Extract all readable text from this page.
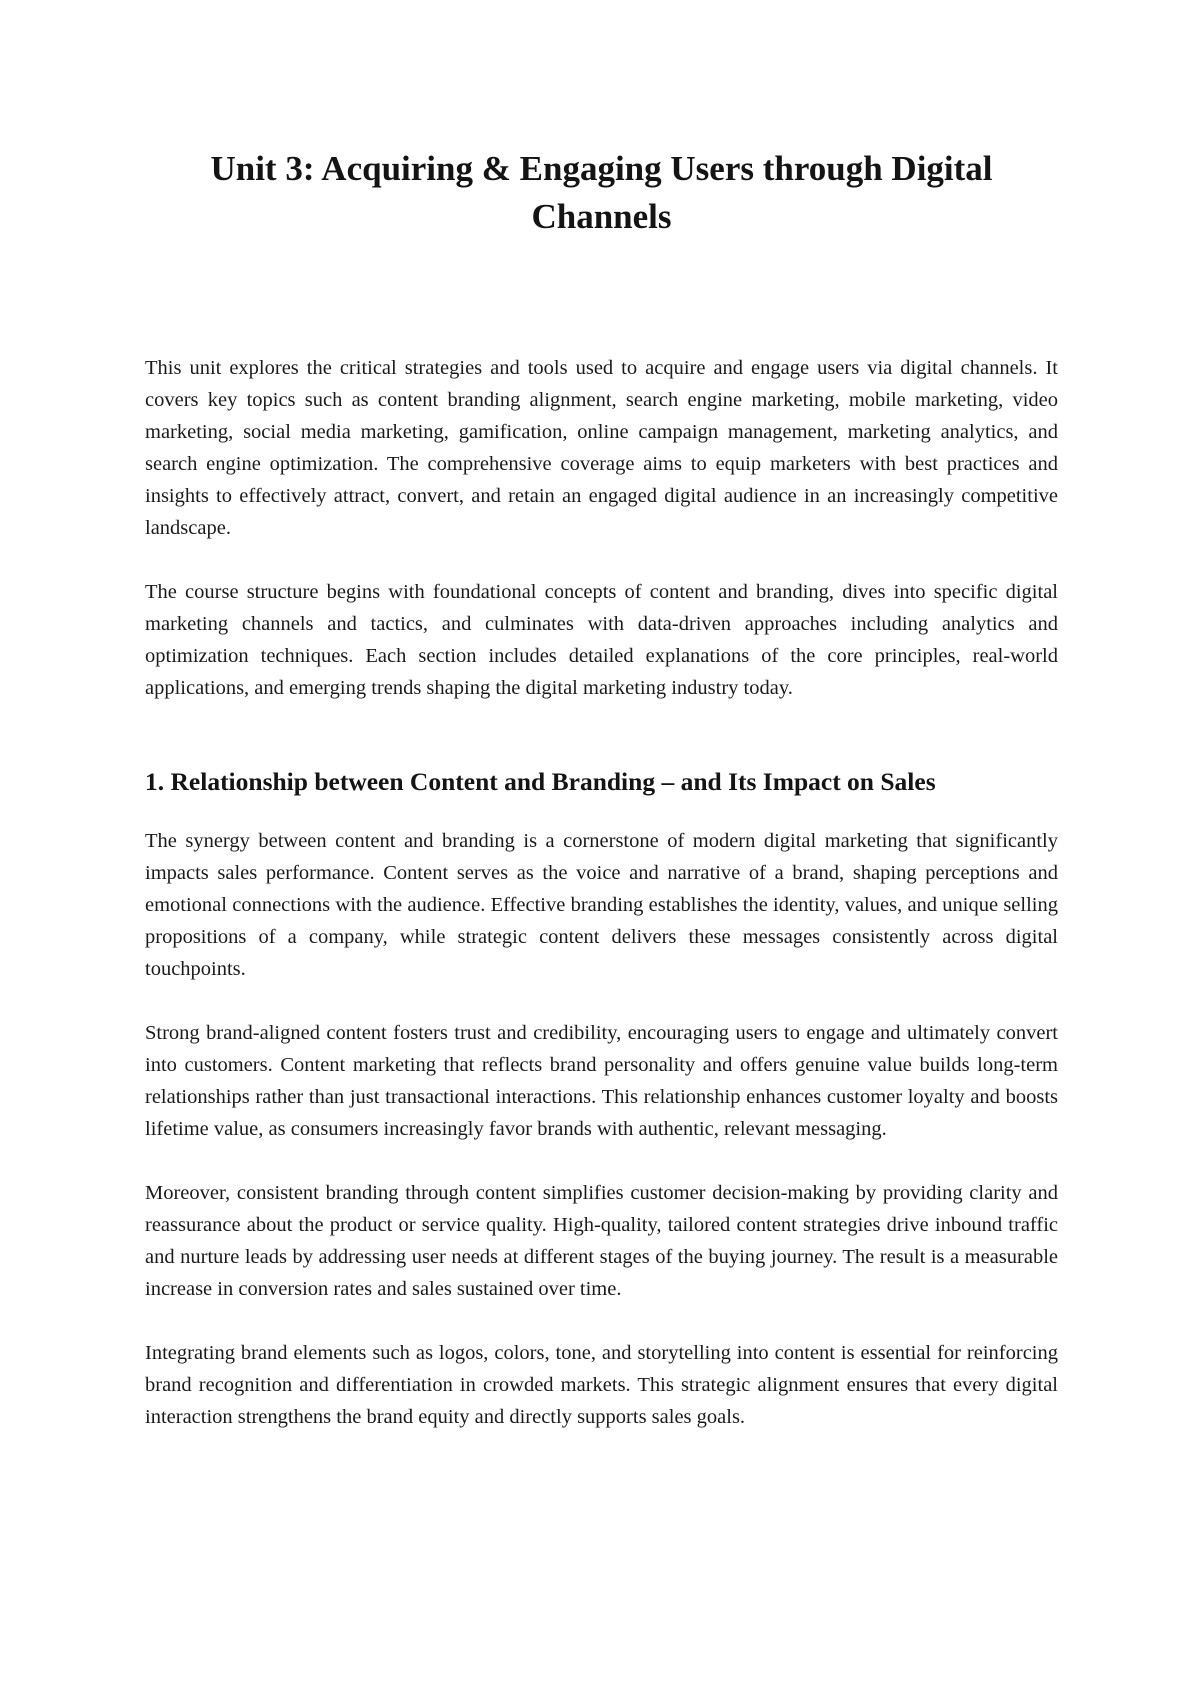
Unit 3: Acquiring & Engaging Users through Digital Channels

This unit explores the critical strategies and tools used to acquire and engage users via digital channels. It covers key topics such as content branding alignment, search engine marketing, mobile marketing, video marketing, social media marketing, gamification, online campaign management, marketing analytics, and search engine optimization. The comprehensive coverage aims to equip marketers with best practices and insights to effectively attract, convert, and retain an engaged digital audience in an increasingly competitive landscape.

The course structure begins with foundational concepts of content and branding, dives into specific digital marketing channels and tactics, and culminates with data-driven approaches including analytics and optimization techniques. Each section includes detailed explanations of the core principles, real-world applications, and emerging trends shaping the digital marketing industry today.

1. Relationship between Content and Branding – and Its Impact on Sales

The synergy between content and branding is a cornerstone of modern digital marketing that significantly impacts sales performance. Content serves as the voice and narrative of a brand, shaping perceptions and emotional connections with the audience. Effective branding establishes the identity, values, and unique selling propositions of a company, while strategic content delivers these messages consistently across digital touchpoints.

Strong brand-aligned content fosters trust and credibility, encouraging users to engage and ultimately convert into customers. Content marketing that reflects brand personality and offers genuine value builds long-term relationships rather than just transactional interactions. This relationship enhances customer loyalty and boosts lifetime value, as consumers increasingly favor brands with authentic, relevant messaging.

Moreover, consistent branding through content simplifies customer decision-making by providing clarity and reassurance about the product or service quality. High-quality, tailored content strategies drive inbound traffic and nurture leads by addressing user needs at different stages of the buying journey. The result is a measurable increase in conversion rates and sales sustained over time.

Integrating brand elements such as logos, colors, tone, and storytelling into content is essential for reinforcing brand recognition and differentiation in crowded markets. This strategic alignment ensures that every digital interaction strengthens the brand equity and directly supports sales goals.
